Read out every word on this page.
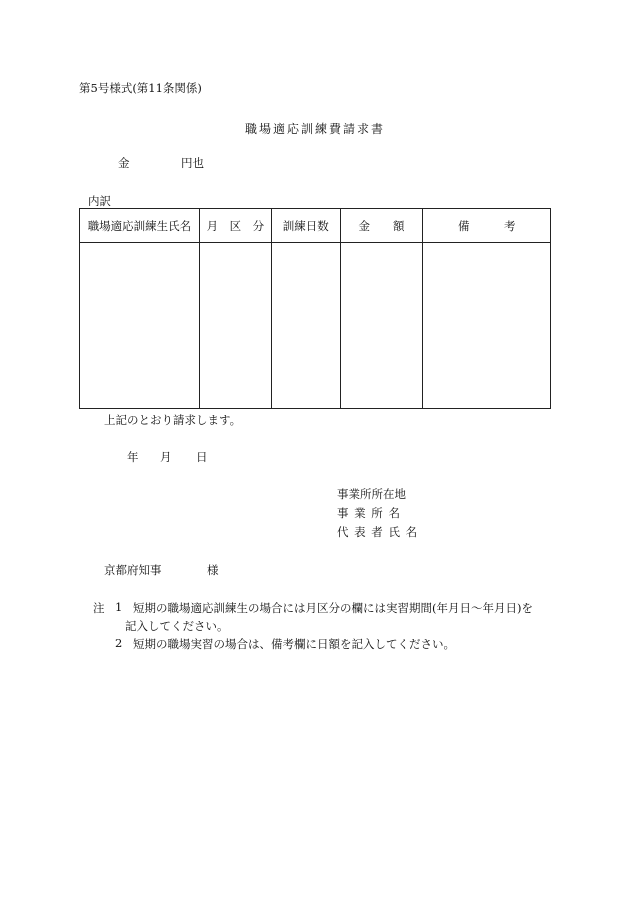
第5号様式(第11条関係)
職場適応訓練費請求書
金	円也
内訳
職場適応訓練生氏名	月　区　分	訓練日数	金　　額	備　　　考

上記のとおり請求します。
年 月 日
事業所所在地
事 業 所 名
代 表 者 氏 名
京都府知事	様
注 1 短期の職場適応訓練生の場合には月区分の欄には実習期間(年月日～年月日)を
記入してください。
2 短期の職場実習の場合は、備考欄に日額を記入してください。
